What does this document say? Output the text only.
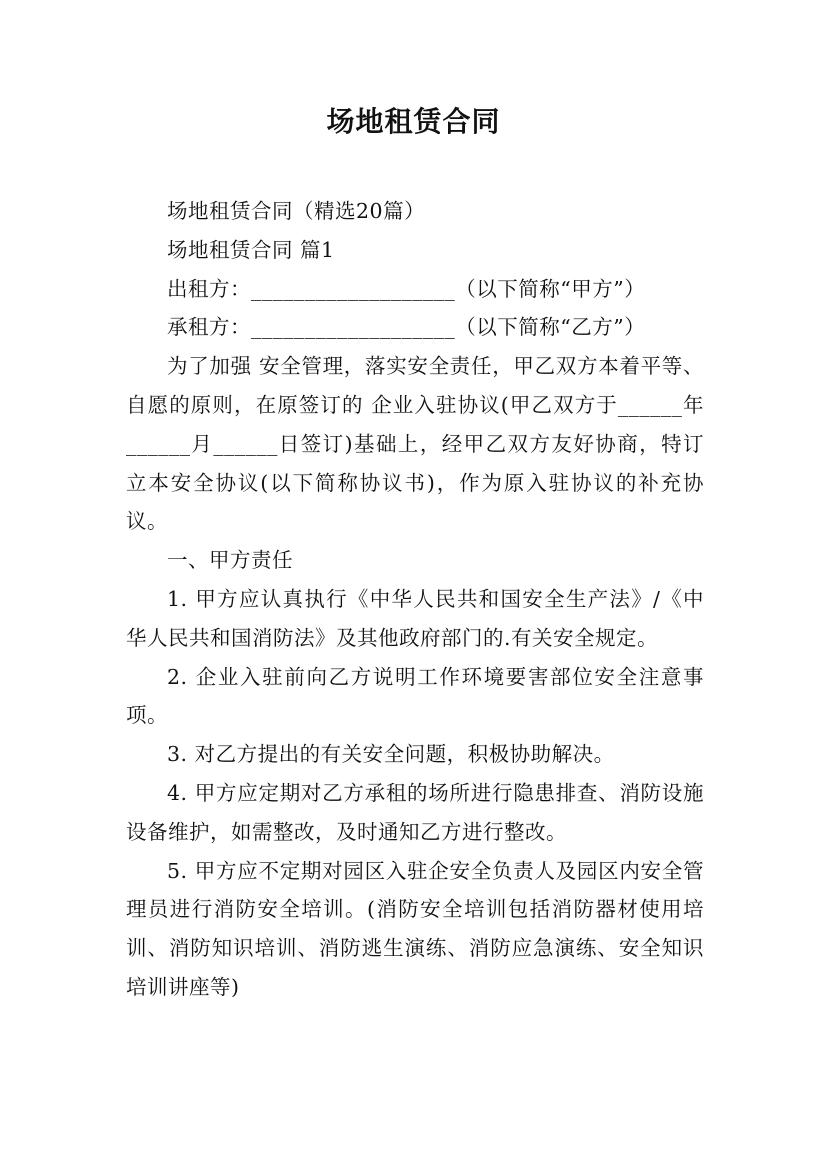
场地租赁合同

场地租赁合同（精选20篇）

场地租赁合同 篇1

出租方：___________________（以下简称“甲方”）

承租方：___________________（以下简称“乙方”）

为了加强 安全管理，落实安全责任，甲乙双方本着平等、自愿的原则，在原签订的 企业入驻协议(甲乙双方于______年______月______日签订)基础上，经甲乙双方友好协商，特订立本安全协议(以下简称协议书)，作为原入驻协议的补充协议。

一、甲方责任

1. 甲方应认真执行《中华人民共和国安全生产法》/《中华人民共和国消防法》及其他政府部门的.有关安全规定。

2. 企业入驻前向乙方说明工作环境要害部位安全注意事项。

3. 对乙方提出的有关安全问题，积极协助解决。

4. 甲方应定期对乙方承租的场所进行隐患排查、消防设施设备维护，如需整改，及时通知乙方进行整改。

5. 甲方应不定期对园区入驻企安全负责人及园区内安全管理员进行消防安全培训。(消防安全培训包括消防器材使用培训、消防知识培训、消防逃生演练、消防应急演练、安全知识培训讲座等)
